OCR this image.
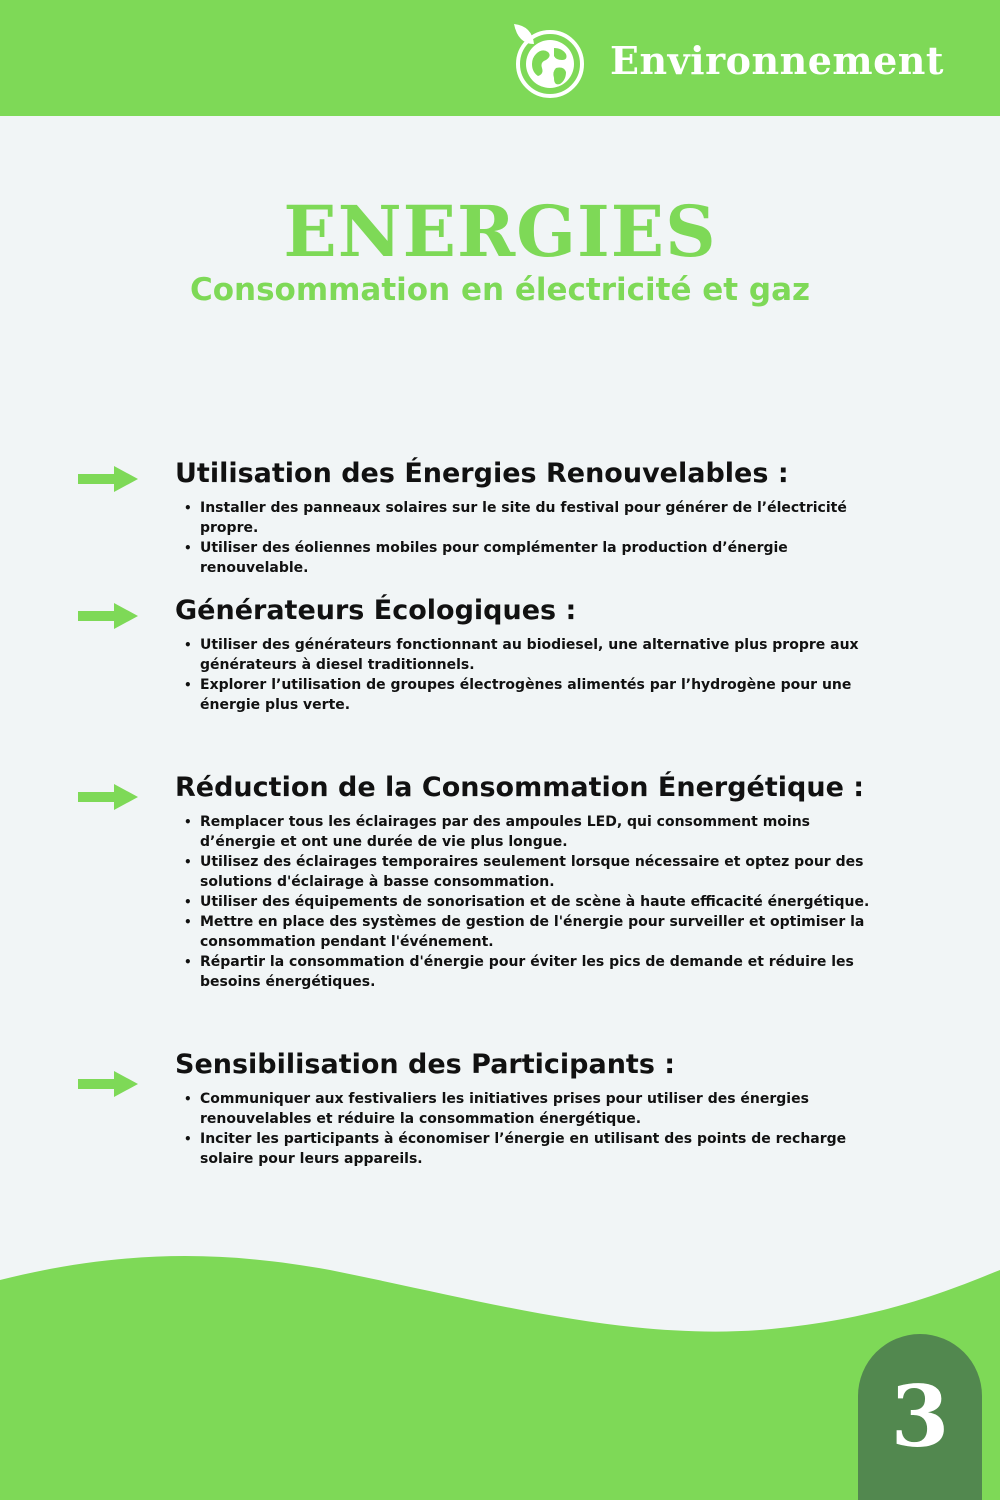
Environnement
ENERGIES
Consommation en électricité et gaz
Utilisation des Énergies Renouvelables :
• Installer des panneaux solaires sur le site du festival pour générer de l’électricité propre.
• Utiliser des éoliennes mobiles pour complémenter la production d’énergie renouvelable.
Générateurs Écologiques :
• Utiliser des générateurs fonctionnant au biodiesel, une alternative plus propre aux générateurs à diesel traditionnels.
• Explorer l’utilisation de groupes électrogènes alimentés par l’hydrogène pour une énergie plus verte.
Réduction de la Consommation Énergétique :
• Remplacer tous les éclairages par des ampoules LED, qui consomment moins d’énergie et ont une durée de vie plus longue.
• Utilisez des éclairages temporaires seulement lorsque nécessaire et optez pour des solutions d'éclairage à basse consommation.
• Utiliser des équipements de sonorisation et de scène à haute efficacité énergétique.
• Mettre en place des systèmes de gestion de l'énergie pour surveiller et optimiser la consommation pendant l'événement.
• Répartir la consommation d'énergie pour éviter les pics de demande et réduire les besoins énergétiques.
Sensibilisation des Participants :
• Communiquer aux festivaliers les initiatives prises pour utiliser des énergies renouvelables et réduire la consommation énergétique.
• Inciter les participants à économiser l’énergie en utilisant des points de recharge solaire pour leurs appareils.
3
